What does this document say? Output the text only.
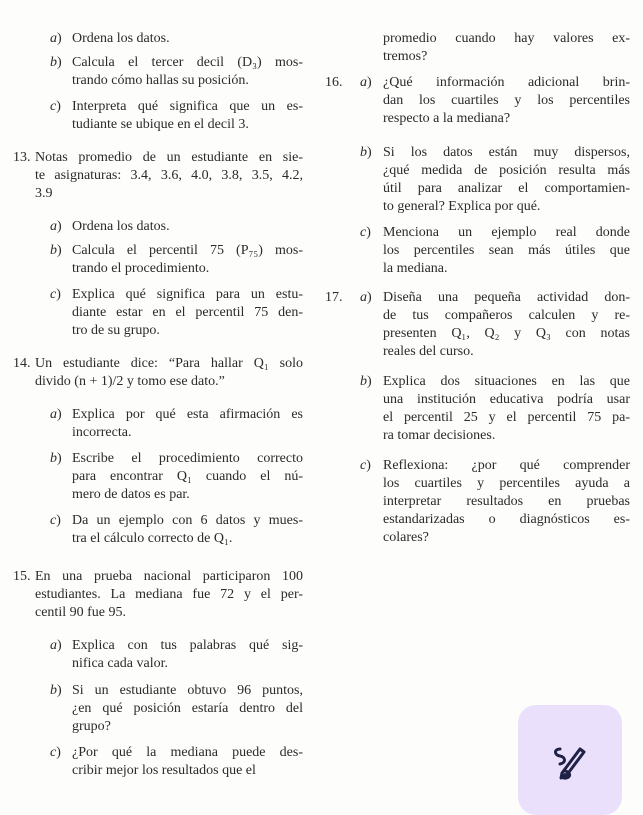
a) Ordena los datos.
b) Calcula el tercer decil (D₃) mos-
trando cómo hallas su posición.
c) Interpreta qué significa que un es-
tudiante se ubique en el decil 3.
13. Notas promedio de un estudiante en sie-
te asignaturas: 3.4, 3.6, 4.0, 3.8, 3.5, 4.2,
3.9
a) Ordena los datos.
b) Calcula el percentil 75 (P₇₅) mos-
trando el procedimiento.
c) Explica qué significa para un estu-
diante estar en el percentil 75 den-
tro de su grupo.
14. Un estudiante dice: “Para hallar Q₁ solo
divido (n + 1)/2 y tomo ese dato.”
a) Explica por qué esta afirmación es
incorrecta.
b) Escribe el procedimiento correcto
para encontrar Q₁ cuando el nú-
mero de datos es par.
c) Da un ejemplo con 6 datos y mues-
tra el cálculo correcto de Q₁.
15. En una prueba nacional participaron 100
estudiantes. La mediana fue 72 y el per-
centil 90 fue 95.
a) Explica con tus palabras qué sig-
nifica cada valor.
b) Si un estudiante obtuvo 96 puntos,
¿en qué posición estaría dentro del
grupo?
c) ¿Por qué la mediana puede des-
cribir mejor los resultados que el
promedio cuando hay valores ex-
tremos?
16. a) ¿Qué información adicional brin-
dan los cuartiles y los percentiles
respecto a la mediana?
b) Si los datos están muy dispersos,
¿qué medida de posición resulta más
útil para analizar el comportamien-
to general? Explica por qué.
c) Menciona un ejemplo real donde
los percentiles sean más útiles que
la mediana.
17. a) Diseña una pequeña actividad don-
de tus compañeros calculen y re-
presenten Q₁, Q₂ y Q₃ con notas
reales del curso.
b) Explica dos situaciones en las que
una institución educativa podría usar
el percentil 25 y el percentil 75 pa-
ra tomar decisiones.
c) Reflexiona: ¿por qué comprender
los cuartiles y percentiles ayuda a
interpretar resultados en pruebas
estandarizadas o diagnósticos es-
colares?
